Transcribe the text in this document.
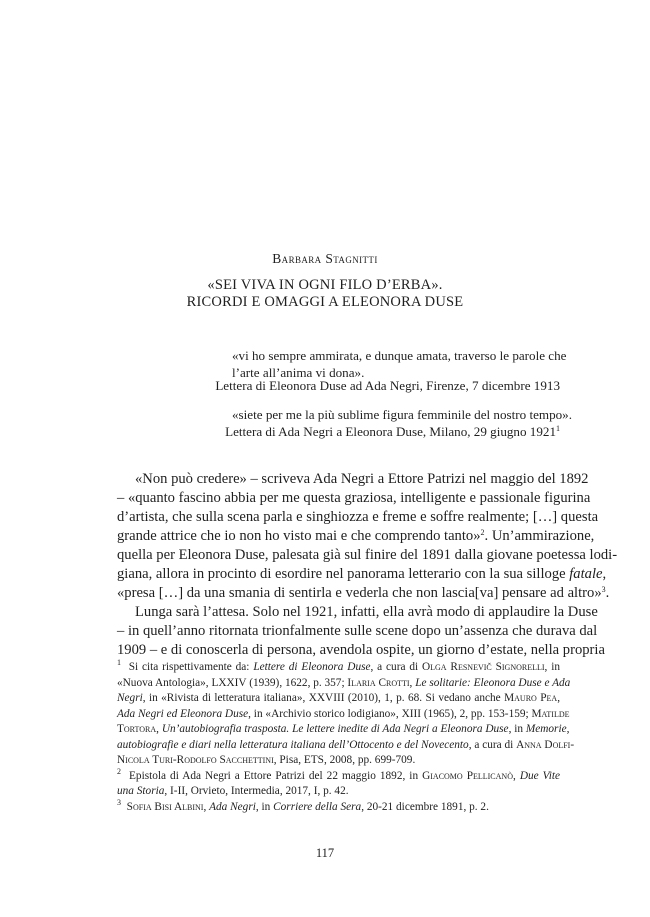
Barbara Stagnitti
«SEI VIVA IN OGNI FILO D’ERBA».
RICORDI E OMAGGI A ELEONORA DUSE
«vi ho sempre ammirata, e dunque amata, traverso le parole che
l’arte all’anima vi dona».
Lettera di Eleonora Duse ad Ada Negri, Firenze, 7 dicembre 1913
«siete per me la più sublime figura femminile del nostro tempo».
Lettera di Ada Negri a Eleonora Duse, Milano, 29 giugno 1921$^1$
«Non può credere» – scriveva Ada Negri a Ettore Patrizi nel maggio del 1892
– «quanto fascino abbia per me questa graziosa, intelligente e passionale figurina
d’artista, che sulla scena parla e singhiozza e freme e soffre realmente; […] questa
grande attrice che io non ho visto mai e che comprendo tanto»$^2$. Un’ammirazione,
quella per Eleonora Duse, palesata già sul finire del 1891 dalla giovane poetessa lodi-
giana, allora in procinto di esordire nel panorama letterario con la sua silloge fatale,
«presa […] da una smania di sentirla e vederla che non lascia[va] pensare ad altro»$^3$.
Lunga sarà l’attesa. Solo nel 1921, infatti, ella avrà modo di applaudire la Duse
– in quell’anno ritornata trionfalmente sulle scene dopo un’assenza che durava dal
1909 – e di conoscerla di persona, avendola ospite, un giorno d’estate, nella propria
$^1$ Si cita rispettivamente da: Lettere di Eleonora Duse, a cura di Olga Resnevič Signorelli, in
«Nuova Antologia», LXXIV (1939), 1622, p. 357; Ilaria Crotti, Le solitarie: Eleonora Duse e Ada
Negri, in «Rivista di letteratura italiana», XXVIII (2010), 1, p. 68. Si vedano anche Mauro Pea,
Ada Negri ed Eleonora Duse, in «Archivio storico lodigiano», XIII (1965), 2, pp. 153-159; Matilde
Tortora, Un’autobiografia trasposta. Le lettere inedite di Ada Negri a Eleonora Duse, in Memorie,
autobiografie e diari nella letteratura italiana dell’Ottocento e del Novecento, a cura di Anna Dolfi-
Nicola Turi-Rodolfo Sacchettini, Pisa, ETS, 2008, pp. 699-709.
$^2$ Epistola di Ada Negri a Ettore Patrizi del 22 maggio 1892, in Giacomo Pellicanò, Due Vite
una Storia, I-II, Orvieto, Intermedia, 2017, I, p. 42.
$^3$ Sofia Bisi Albini, Ada Negri, in Corriere della Sera, 20-21 dicembre 1891, p. 2.
117
